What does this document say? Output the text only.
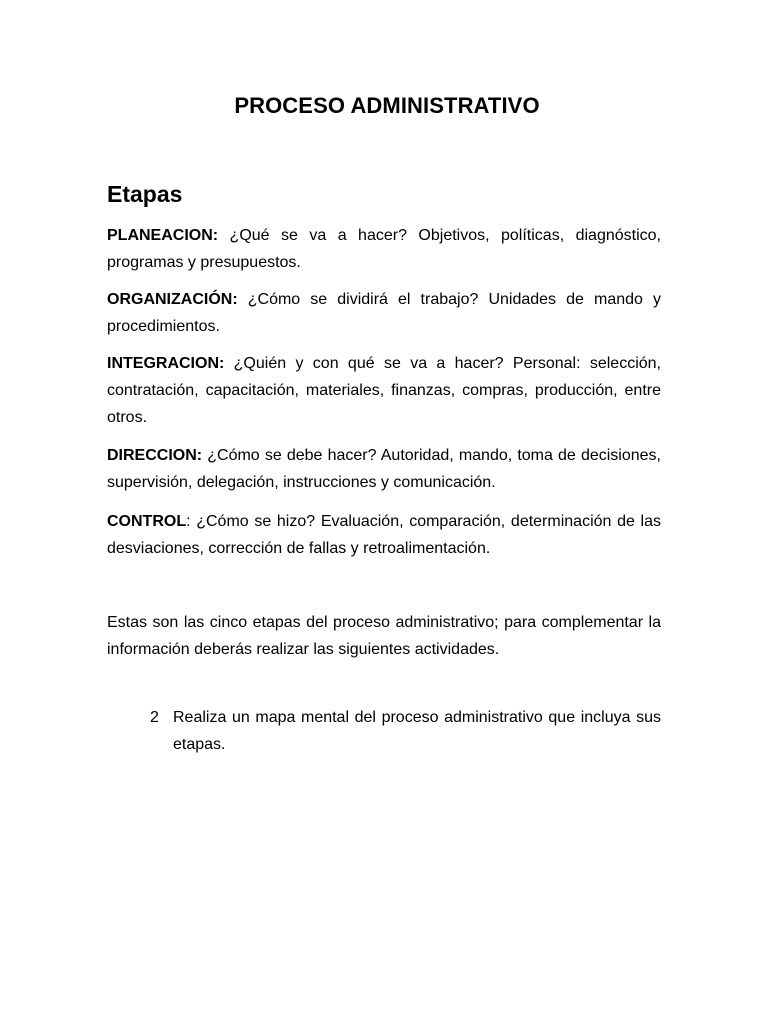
PROCESO ADMINISTRATIVO
Etapas

PLANEACION: ¿Qué se va a hacer? Objetivos, políticas, diagnóstico, programas y presupuestos.

ORGANIZACIÓN: ¿Cómo se dividirá el trabajo? Unidades de mando y procedimientos.

INTEGRACION: ¿Quién y con qué se va a hacer? Personal: selección, contratación, capacitación, materiales, finanzas, compras, producción, entre otros.

DIRECCION: ¿Cómo se debe hacer? Autoridad, mando, toma de decisiones, supervisión, delegación, instrucciones y comunicación.

CONTROL: ¿Cómo se hizo? Evaluación, comparación, determinación de las desviaciones, corrección de fallas y retroalimentación.

Estas son las cinco etapas del proceso administrativo; para complementar la información deberás realizar las siguientes actividades.

2 Realiza un mapa mental del proceso administrativo que incluya sus etapas.
